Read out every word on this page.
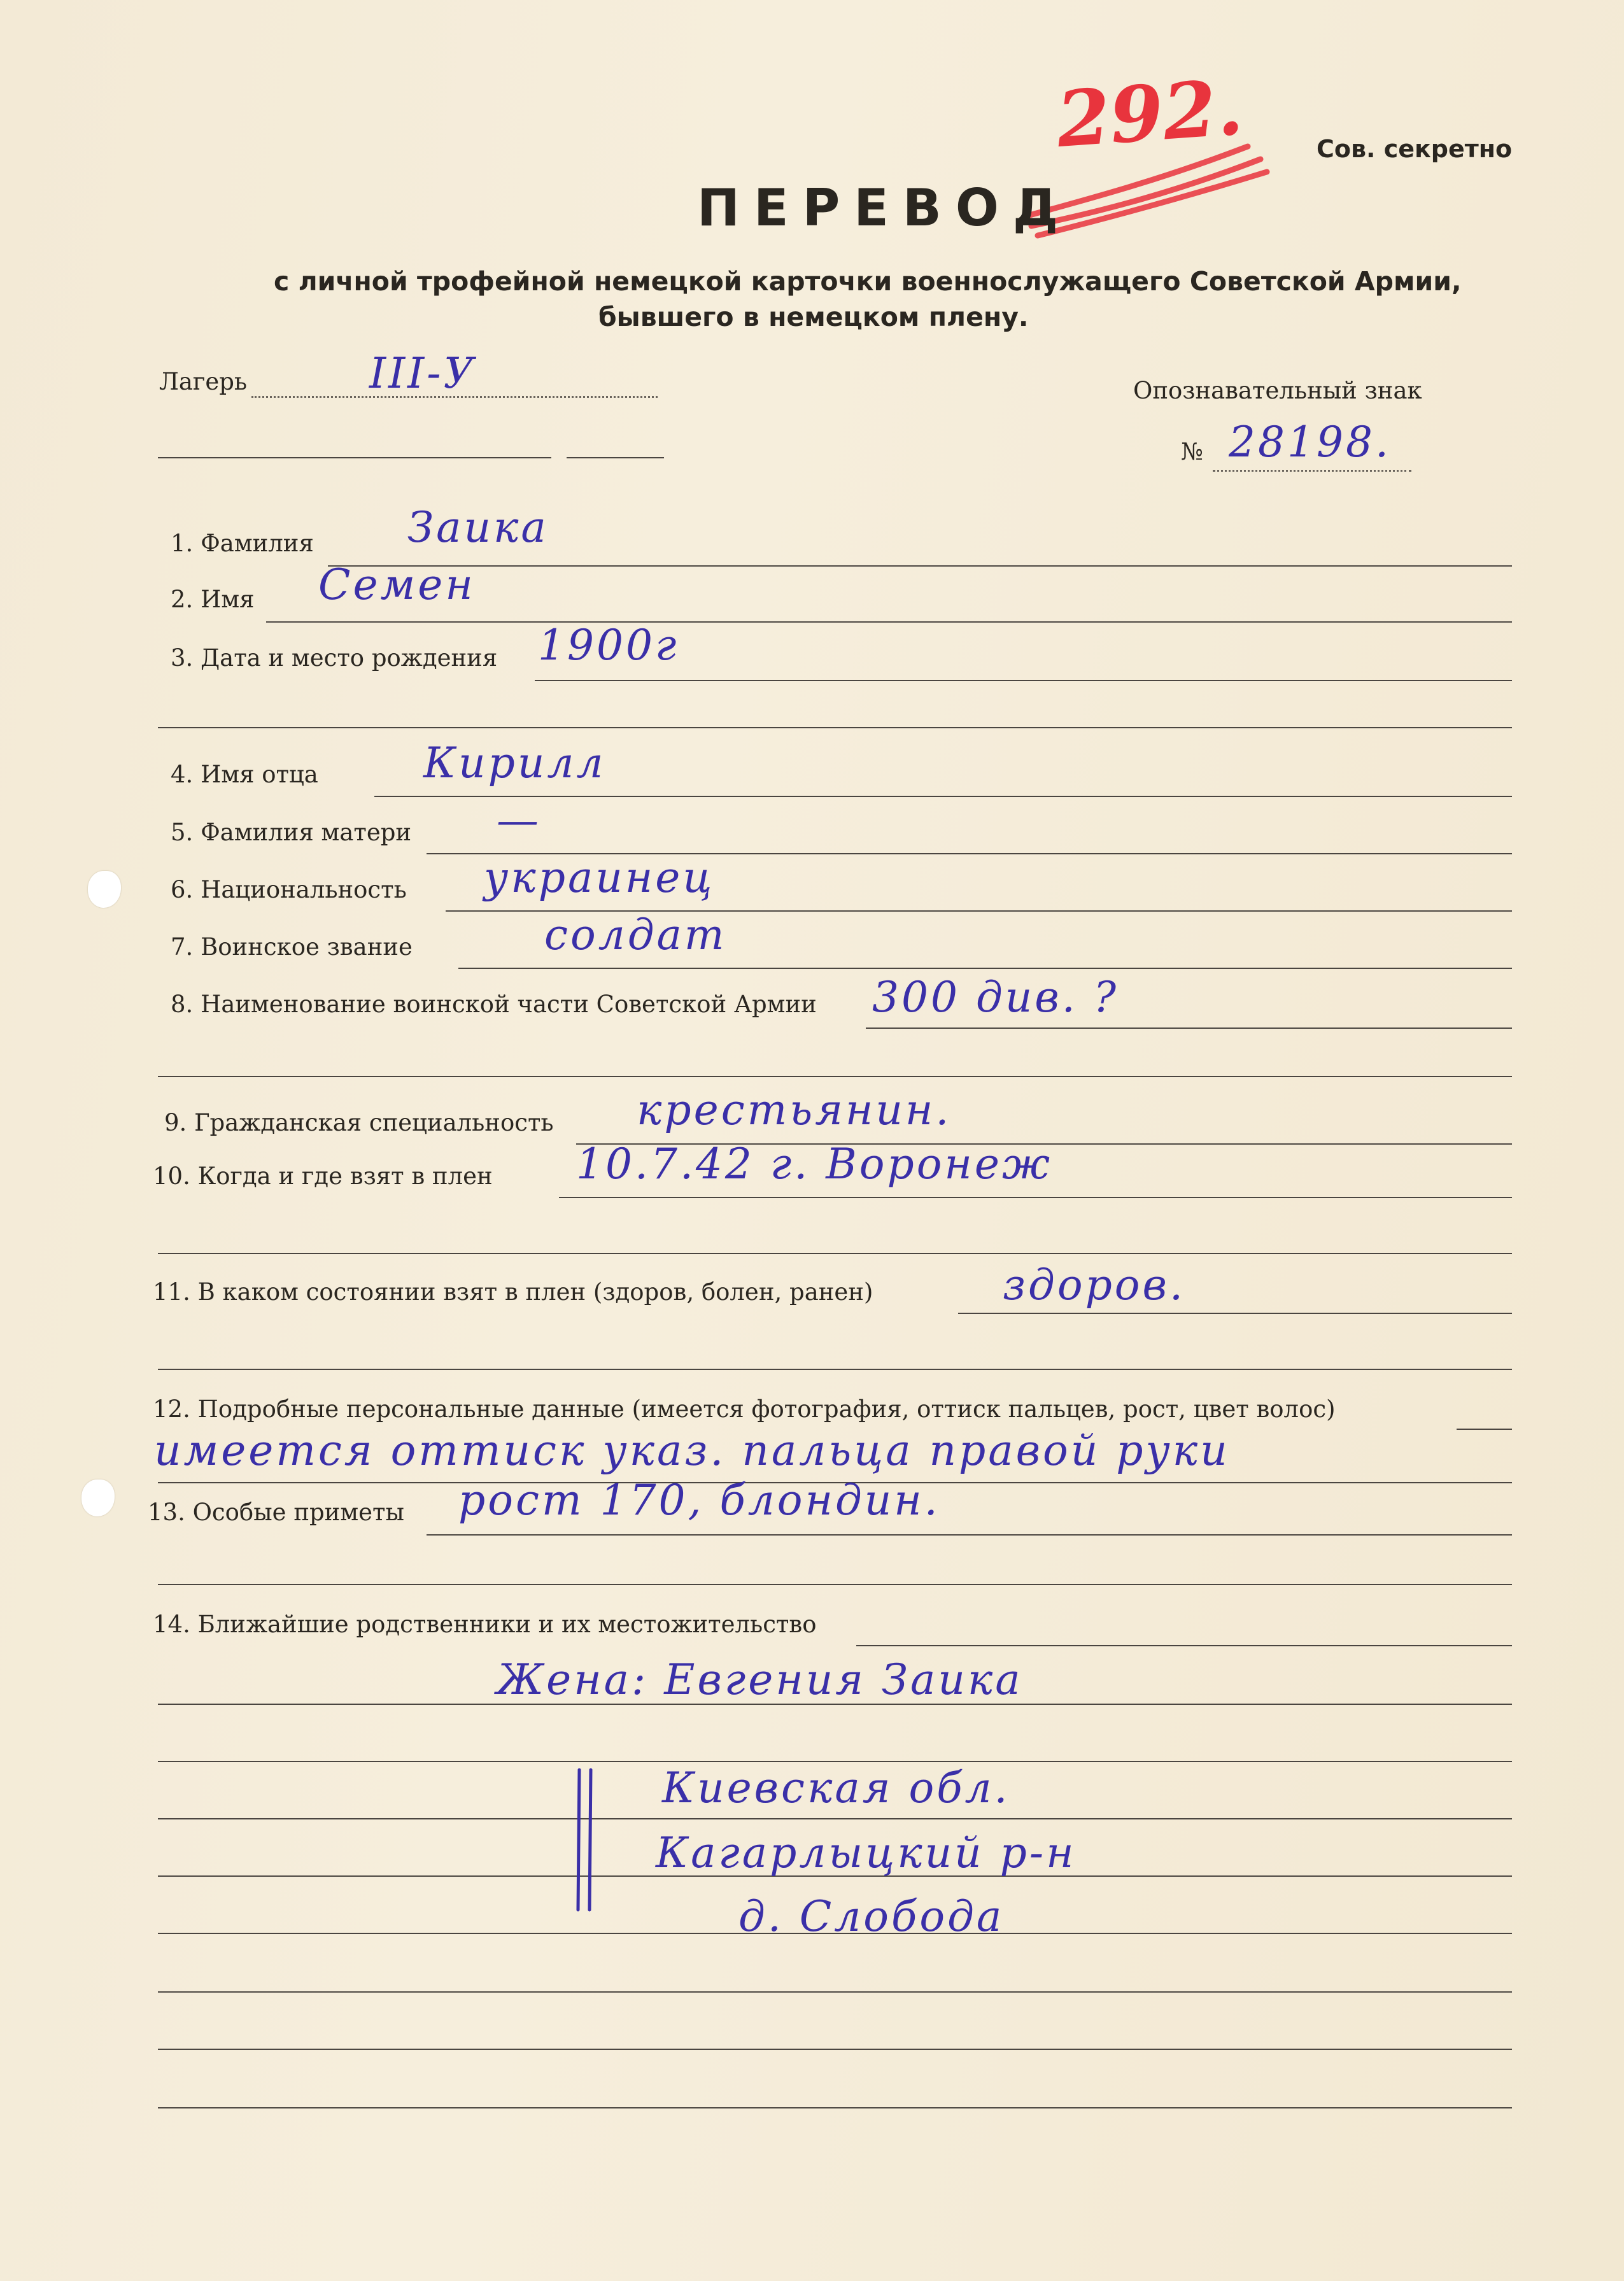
292.	Сов. секретно
ПЕРЕВОД
с личной трофейной немецкой карточки военнослужащего Советской Армии,
бывшего в немецком плену.
Лагерь	III-У	Опознавательный знак
№ 28198.
1. Фамилия Заика
2. Имя Семен
3. Дата и место рождения 1900г
4. Имя отца	Кирилл
5. Фамилия матери —
6. Национальность украинец
7. Воинское звание	солдат
8. Наименование воинской части Советской Армии 300 див. ?
9. Гражданская специальность крестьянин.
10. Когда и где взят в плен 10.7.42 г. Воронеж
11. В каком состоянии взят в плен (здоров, болен, ранен)	здоров.
12. Подробные персональные данные (имеется фотография, оттиск пальцев, рост, цвет волос)
имеется оттиск указ. пальца правой руки
13. Особые приметы рост 170, блондин.
14. Ближайшие родственники и их местожительство
Жена: Евгения Заика
Киевская обл.
Кагарлыцкий р-н
д. Слобода
